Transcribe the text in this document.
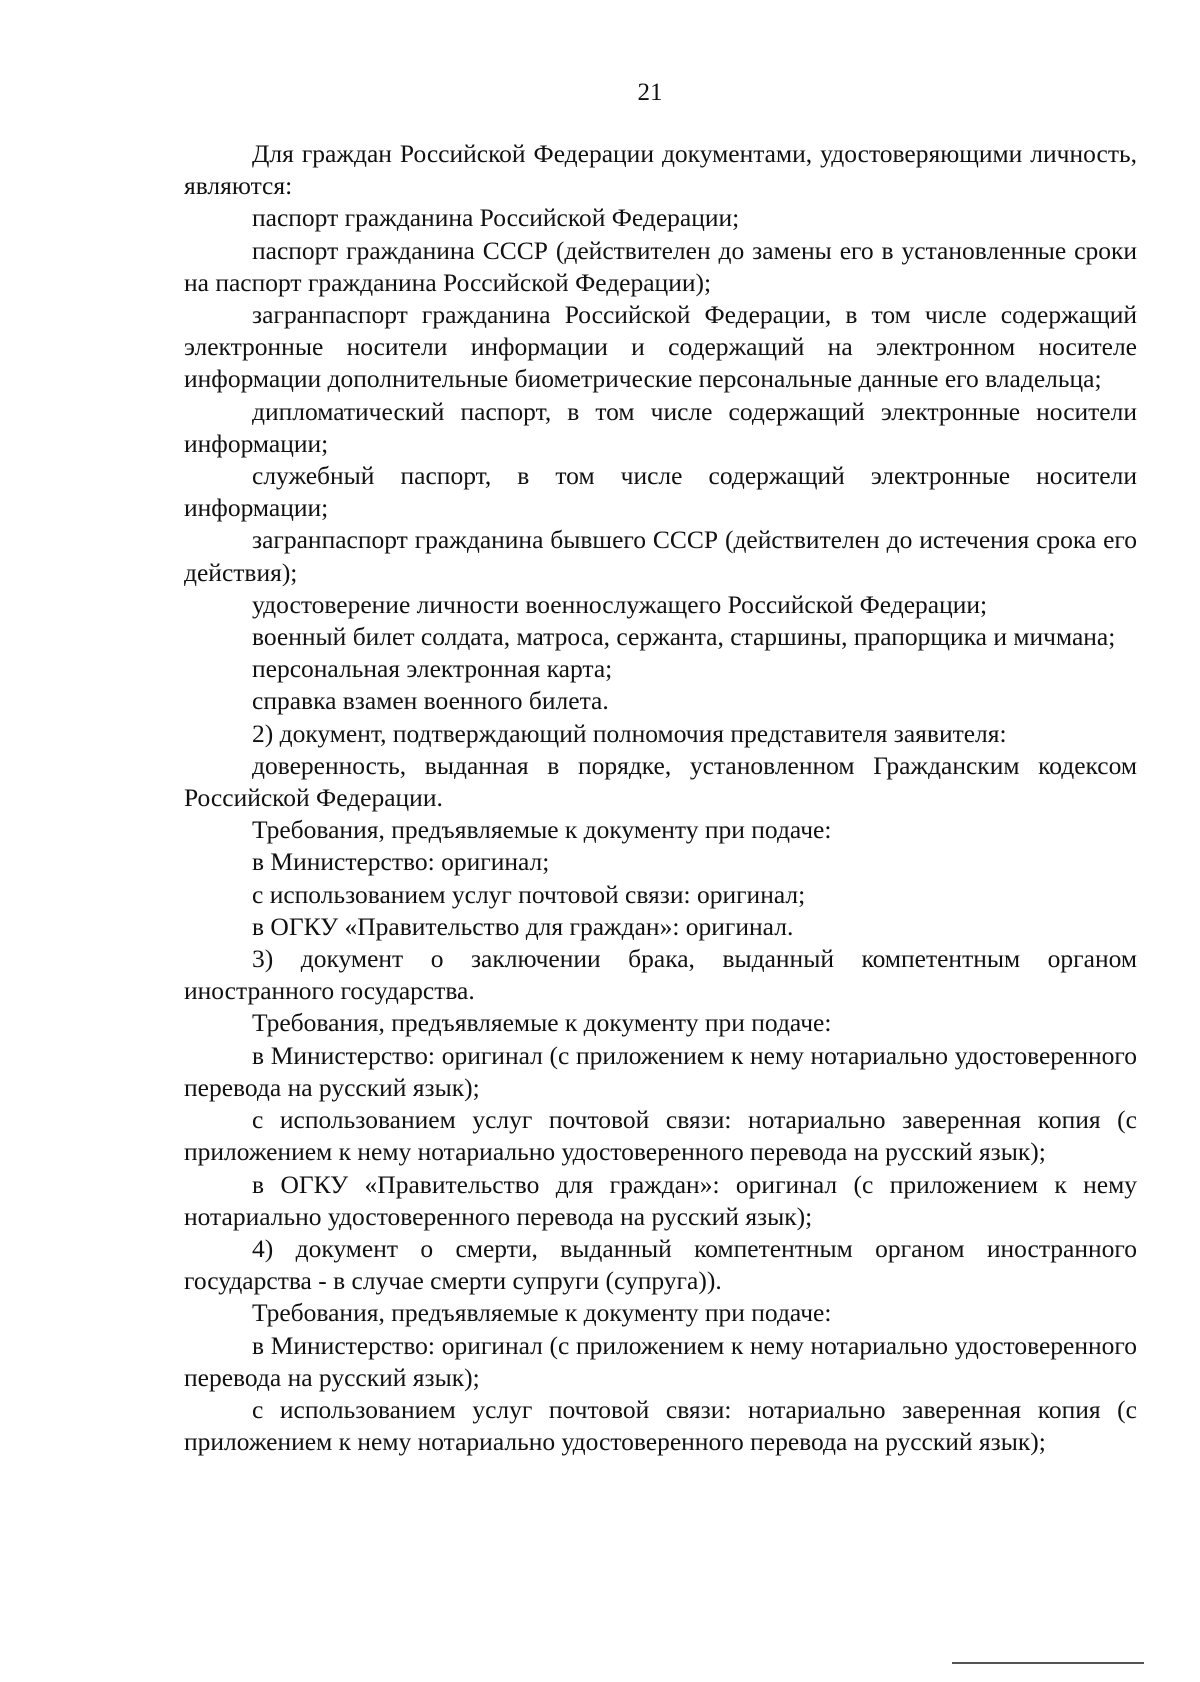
21

Для граждан Российской Федерации документами, удостоверяющими личность, являются:

паспорт гражданина Российской Федерации;

паспорт гражданина СССР (действителен до замены его в установленные сроки на паспорт гражданина Российской Федерации);

загранпаспорт гражданина Российской Федерации, в том числе содержащий электронные носители информации и содержащий на электронном носителе информации дополнительные биометрические персональные данные его владельца;

дипломатический паспорт, в том числе содержащий электронные носители информации;

служебный паспорт, в том числе содержащий электронные носители информации;

загранпаспорт гражданина бывшего СССР (действителен до истечения срока его действия);

удостоверение личности военнослужащего Российской Федерации;

военный билет солдата, матроса, сержанта, старшины, прапорщика и мичмана;

персональная электронная карта;

справка взамен военного билета.

2) документ, подтверждающий полномочия представителя заявителя:

доверенность, выданная в порядке, установленном Гражданским кодексом Российской Федерации.

Требования, предъявляемые к документу при подаче:

в Министерство: оригинал;

с использованием услуг почтовой связи: оригинал;

в ОГКУ «Правительство для граждан»: оригинал.

3) документ о заключении брака, выданный компетентным органом иностранного государства.

Требования, предъявляемые к документу при подаче:

в Министерство: оригинал (с приложением к нему нотариально удостоверенного перевода на русский язык);

с использованием услуг почтовой связи: нотариально заверенная копия (с приложением к нему нотариально удостоверенного перевода на русский язык);

в ОГКУ «Правительство для граждан»: оригинал (с приложением к нему нотариально удостоверенного перевода на русский язык);

4) документ о смерти, выданный компетентным органом иностранного государства - в случае смерти супруги (супруга)).

Требования, предъявляемые к документу при подаче:

в Министерство: оригинал (с приложением к нему нотариально удостоверенного перевода на русский язык);

с использованием услуг почтовой связи: нотариально заверенная копия (с приложением к нему нотариально удостоверенного перевода на русский язык);
